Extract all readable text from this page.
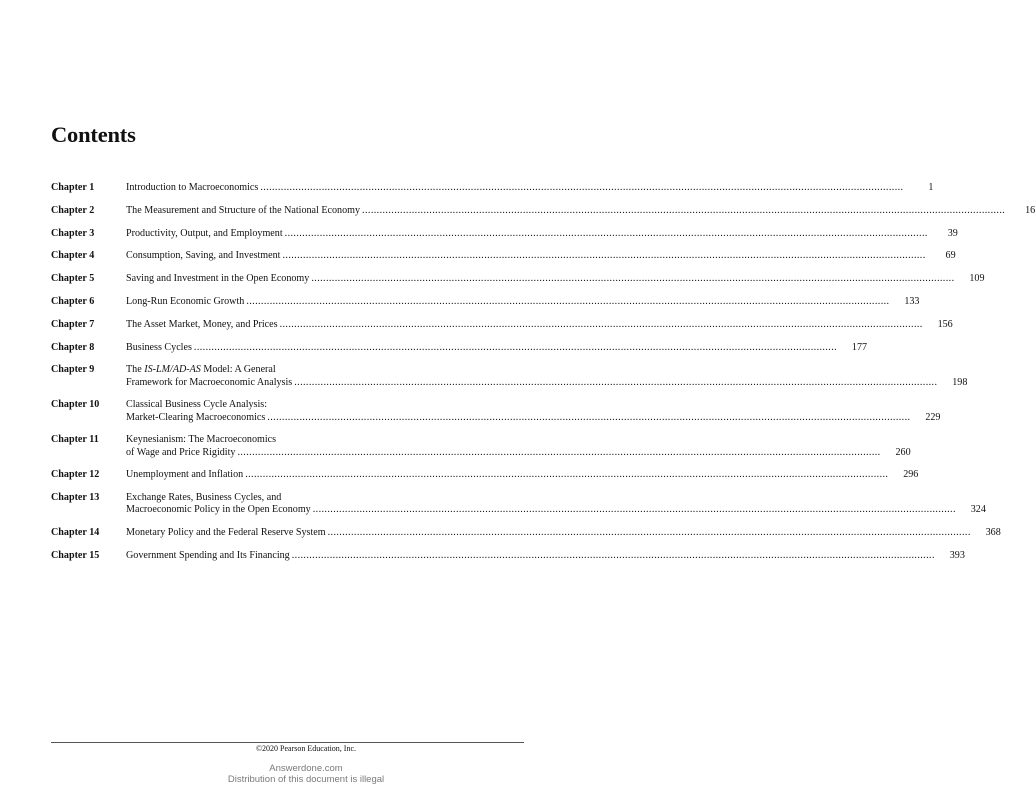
Contents
Chapter 1	Introduction to Macroeconomics ............................................................................................................................................................................................................................	1
Chapter 2	The Measurement and Structure of the National Economy ............................................................................................................................................................................................................................	16
Chapter 3	Productivity, Output, and Employment ............................................................................................................................................................................................................................	39
Chapter 4	Consumption, Saving, and Investment ............................................................................................................................................................................................................................	69
Chapter 5	Saving and Investment in the Open Economy ............................................................................................................................................................................................................................	109
Chapter 6	Long-Run Economic Growth ............................................................................................................................................................................................................................	133
Chapter 7	The Asset Market, Money, and Prices ............................................................................................................................................................................................................................	156
Chapter 8	Business Cycles ............................................................................................................................................................................................................................	177
Chapter 9	The IS-LM/AD-AS Model: A General
Framework for Macroeconomic Analysis ............................................................................................................................................................................................................................	198
Chapter 10	Classical Business Cycle Analysis:
Market-Clearing Macroeconomics ............................................................................................................................................................................................................................	229
Chapter 11	Keynesianism: The Macroeconomics
of Wage and Price Rigidity ............................................................................................................................................................................................................................	260
Chapter 12	Unemployment and Inflation ............................................................................................................................................................................................................................	296
Chapter 13	Exchange Rates, Business Cycles, and
Macroeconomic Policy in the Open Economy ............................................................................................................................................................................................................................	324
Chapter 14	Monetary Policy and the Federal Reserve System ............................................................................................................................................................................................................................	368
Chapter 15	Government Spending and Its Financing ............................................................................................................................................................................................................................	393
©2020 Pearson Education, Inc.
Answerdone.com
Distribution of this document is illegal
